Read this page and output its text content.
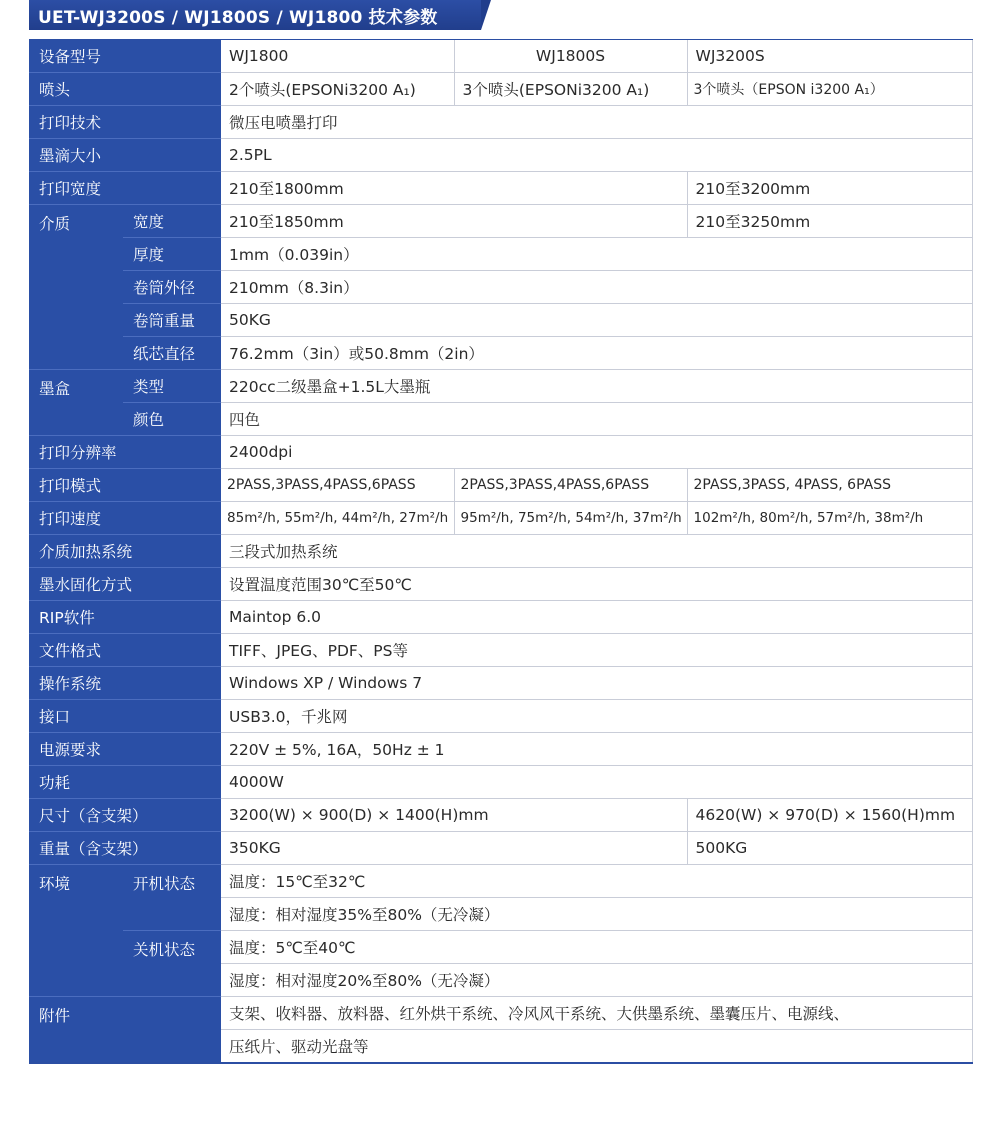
UET-WJ3200S / WJ1800S / WJ1800 技术参数
设备型号		WJ1800	WJ1800S	WJ3200S
喷头		2个喷头(EPSONi3200 A₁)	3个喷头(EPSONi3200 A₁)	3个喷头（EPSON i3200 A₁）
打印技术		微压电喷墨打印		
墨滴大小		2.5PL		
打印宽度		210至1800mm		210至3200mm
介质	宽度	210至1850mm		210至3250mm
	厚度	1mm（0.039in）		
	卷筒外径	210mm（8.3in）		
	卷筒重量	50KG		
	纸芯直径	76.2mm（3in）或50.8mm（2in）		
墨盒	类型	220cc二级墨盒+1.5L大墨瓶		
	颜色	四色		
打印分辨率		2400dpi		
打印模式		2PASS,3PASS,4PASS,6PASS	2PASS,3PASS,4PASS,6PASS	2PASS,3PASS, 4PASS, 6PASS
打印速度		85m²/h, 55m²/h, 44m²/h, 27m²/h	95m²/h, 75m²/h, 54m²/h, 37m²/h	102m²/h, 80m²/h, 57m²/h, 38m²/h
介质加热系统		三段式加热系统		
墨水固化方式		设置温度范围30℃至50℃		
RIP软件		Maintop 6.0		
文件格式		TIFF、JPEG、PDF、PS等		
操作系统		Windows XP / Windows 7		
接口		USB3.0，千兆网		
电源要求		220V ± 5%, 16A，50Hz ± 1		
功耗		4000W		
尺寸（含支架）		3200(W) × 900(D) × 1400(H)mm		4620(W) × 970(D) × 1560(H)mm
重量（含支架）		350KG		500KG
环境	开机状态	温度：15℃至32℃		
		湿度：相对湿度35%至80%（无冷凝）		
	关机状态	温度：5℃至40℃		
		湿度：相对湿度20%至80%（无冷凝）		
附件		支架、收料器、放料器、红外烘干系统、冷风风干系统、大供墨系统、墨囊压片、电源线、		
		压纸片、驱动光盘等		
